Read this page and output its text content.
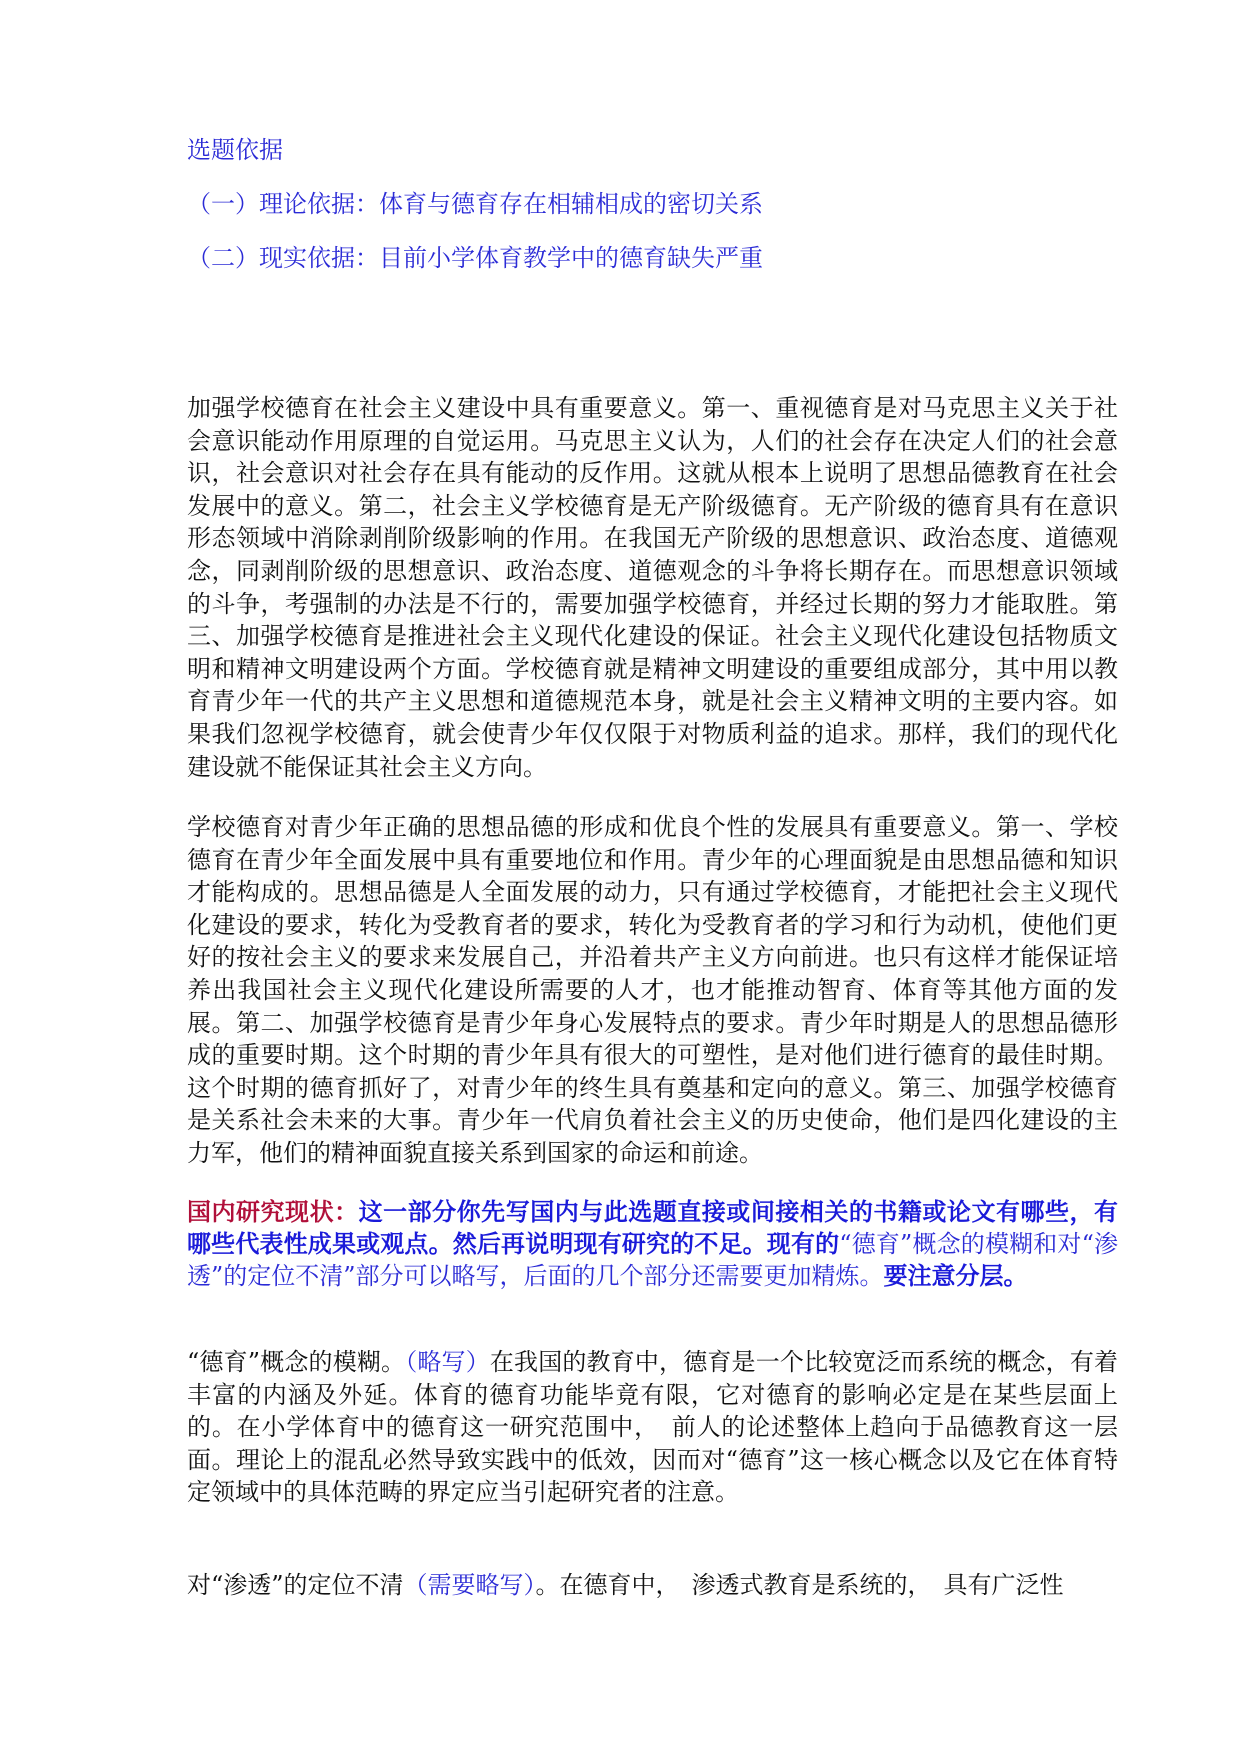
选题依据
（一）理论依据：体育与德育存在相辅相成的密切关系
（二）现实依据：目前小学体育教学中的德育缺失严重

加强学校德育在社会主义建设中具有重要意义。第一、重视德育是对马克思主义关于社会意识能动作用原理的自觉运用。马克思主义认为，人们的社会存在决定人们的社会意识，社会意识对社会存在具有能动的反作用。这就从根本上说明了思想品德教育在社会发展中的意义。第二，社会主义学校德育是无产阶级德育。无产阶级的德育具有在意识形态领域中消除剥削阶级影响的作用。在我国无产阶级的思想意识、政治态度、道德观念，同剥削阶级的思想意识、政治态度、道德观念的斗争将长期存在。而思想意识领域的斗争，考强制的办法是不行的，需要加强学校德育，并经过长期的努力才能取胜。第三、加强学校德育是推进社会主义现代化建设的保证。社会主义现代化建设包括物质文明和精神文明建设两个方面。学校德育就是精神文明建设的重要组成部分，其中用以教育青少年一代的共产主义思想和道德规范本身，就是社会主义精神文明的主要内容。如果我们忽视学校德育，就会使青少年仅仅限于对物质利益的追求。那样，我们的现代化建设就不能保证其社会主义方向。

学校德育对青少年正确的思想品德的形成和优良个性的发展具有重要意义。第一、学校德育在青少年全面发展中具有重要地位和作用。青少年的心理面貌是由思想品德和知识才能构成的。思想品德是人全面发展的动力，只有通过学校德育，才能把社会主义现代化建设的要求，转化为受教育者的要求，转化为受教育者的学习和行为动机，使他们更好的按社会主义的要求来发展自己，并沿着共产主义方向前进。也只有这样才能保证培养出我国社会主义现代化建设所需要的人才，也才能推动智育、体育等其他方面的发展。第二、加强学校德育是青少年身心发展特点的要求。青少年时期是人的思想品德形成的重要时期。这个时期的青少年具有很大的可塑性，是对他们进行德育的最佳时期。这个时期的德育抓好了，对青少年的终生具有奠基和定向的意义。第三、加强学校德育是关系社会未来的大事。青少年一代肩负着社会主义的历史使命，他们是四化建设的主力军，他们的精神面貌直接关系到国家的命运和前途。

国内研究现状：这一部分你先写国内与此选题直接或间接相关的书籍或论文有哪些，有哪些代表性成果或观点。然后再说明现有研究的不足。现有的“德育”概念的模糊和对“渗透”的定位不清”部分可以略写，后面的几个部分还需要更加精炼。要注意分层。

“德育”概念的模糊。（略写）在我国的教育中，德育是一个比较宽泛而系统的概念，有着丰富的内涵及外延。体育的德育功能毕竟有限，它对德育的影响必定是在某些层面上的。在小学体育中的德育这一研究范围中，　前人的论述整体上趋向于品德教育这一层面。理论上的混乱必然导致实践中的低效，因而对“德育”这一核心概念以及它在体育特定领域中的具体范畴的界定应当引起研究者的注意。

对“渗透”的定位不清（需要略写）。在德育中，　渗透式教育是系统的，　具有广泛性
